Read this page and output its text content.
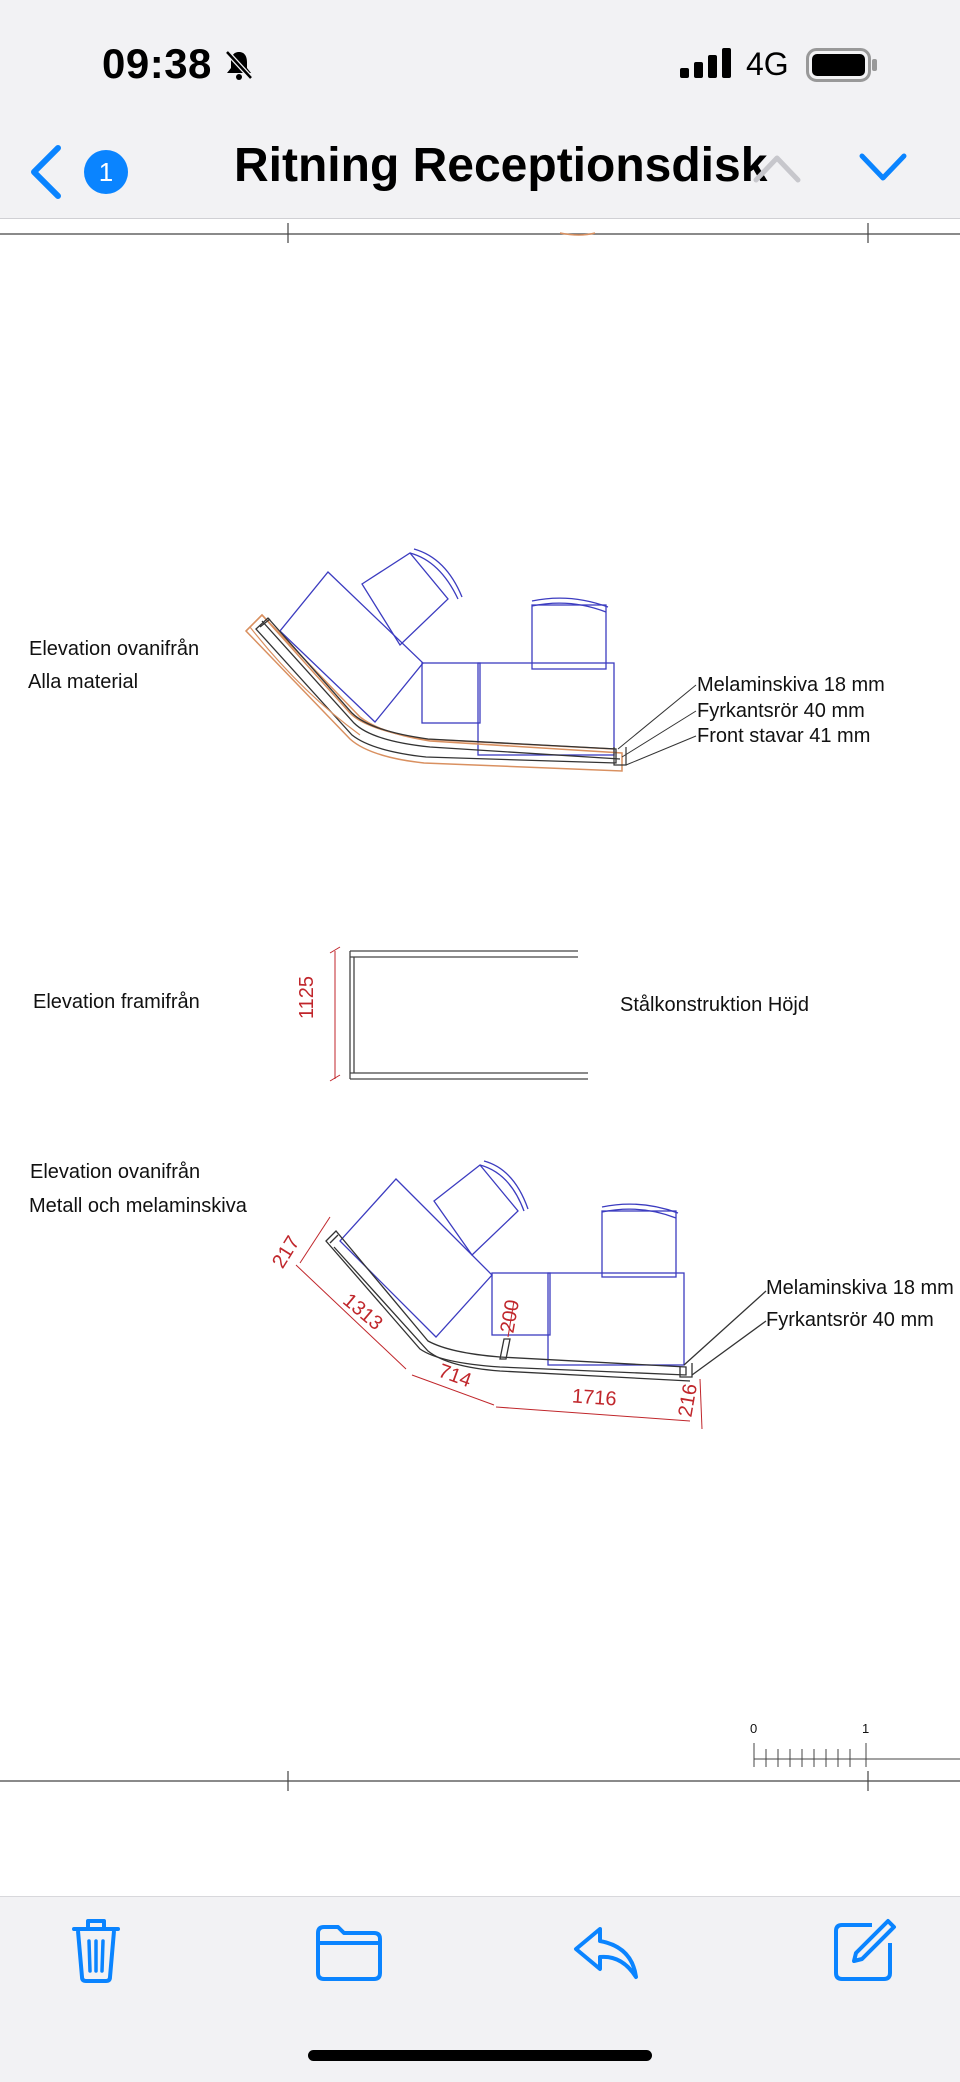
09:38	4G
1	Ritning Receptionsdisk
Elevation ovanifrån
Alla material	Melaminskiva 18 mm
Fyrkantsrör 40 mm
Front stavar 41 mm
Elevation framifrån	1125	Stålkonstruktion Höjd
Elevation ovanifrån
Metall och melaminskiva
Melaminskiva 18 mm
Fyrkantsrör 40 mm
217
1313
714
1716	216
200
0	1
